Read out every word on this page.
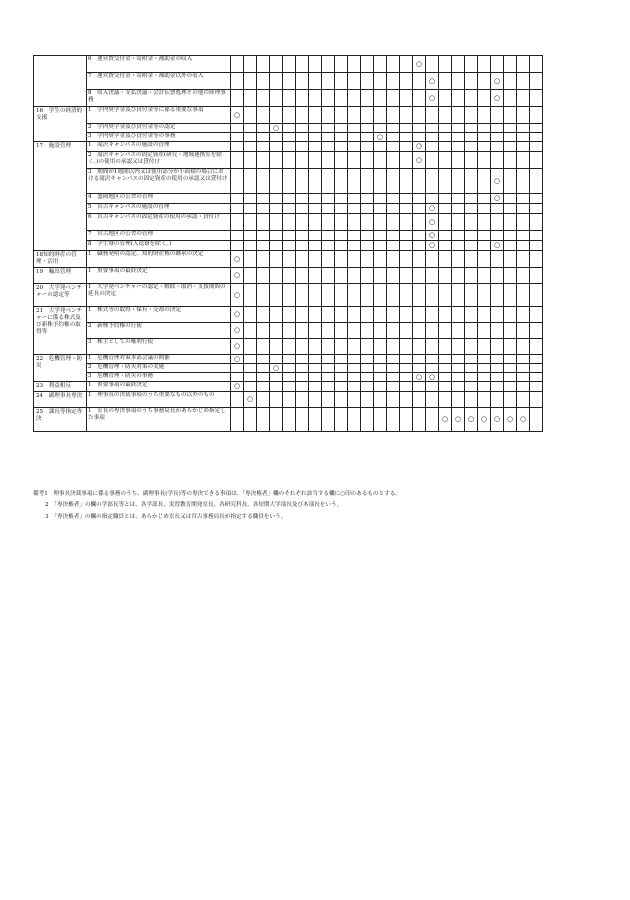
	6　運営費交付金・寄附金・補助金の収入															○									
	7　運営費交付金・寄附金・補助金以外の収入																○					○			
	8　収入決議・支払決議・会計伝票処理その他の経理事務																○					○			
16　学生の経済的支援	1　学内奨学金及び貸付金等に係る重要な事項	○																							
	2　学内奨学金及び貸付金等の認定				○																				
	3　学内奨学金及び貸付金等の事務												○												
17　施設管理	1　滝沢キャンパスの施設の管理															○									
	2　滝沢キャンパスの固定資産(研究・地域連携室を除く。)の使用の承認又は貸付け															○									
	3　期間が1週間以内又は使用部分が小面積の場合における滝沢キャンパスの固定資産の使用の承認又は貸付け																					○			
	4　盛岡地区の公舎の管理																					○			
	5　宮古キャンパスの施設の管理																○								
	6　宮古キャンパスの固定資産の使用の承認・貸付け																○								
	7　宮古地区の公舎の管理																○								
	8　学生寮の管理(入退寮を除く。)																○					○			
18知的財産の管理・活用	1　職務発明の認定、知的財産権の継承の決定	○																							
19　輸出管理	1　重要事項の最終決定	○																							
20　大学発ベンチャーの認定等	1　大学発ベンチャーの認定・解除・取消・支援期間の延長の決定	○																							
21　大学発ベンチャーに係る株式及び新株予約権の取得等	1　株式等の取得・保有・売却の決定	○																							
	2　新株予約権の行使	○																							
	3　株主としての権利行使	○																							
22　危機管理・防災	1　危機管理対策本部会議の開催	○																							
	2　危機管理・防災対策の実施				○																				
	3　危機管理・防災の事務															○	○								
23　利益相反	1　重要事項の最終決定	○																							
24　副理事長専決	1　理事長の決裁事項のうち重要なもの以外のもの		○																						
25　課長等指定専決	1　室長の専決事項のうち事務局長があらかじめ指定した事項																	○	○	○	○	○	○	○	
備考1　理事長決裁事項に係る事務のうち、副理事長(学長)等の専決できる事項は、「専決権者」欄のそれぞれ該当する欄に○印のあるものとする。
2　「専決権者」の欄の学部長等とは、各学部長、実習教育開発室長、各研究科長、各短期大学部長及び本部長をいう。
3　「専決権者」の欄の指定職員とは、あらかじめ室長又は宮古事務局長が指定する職員をいう。
